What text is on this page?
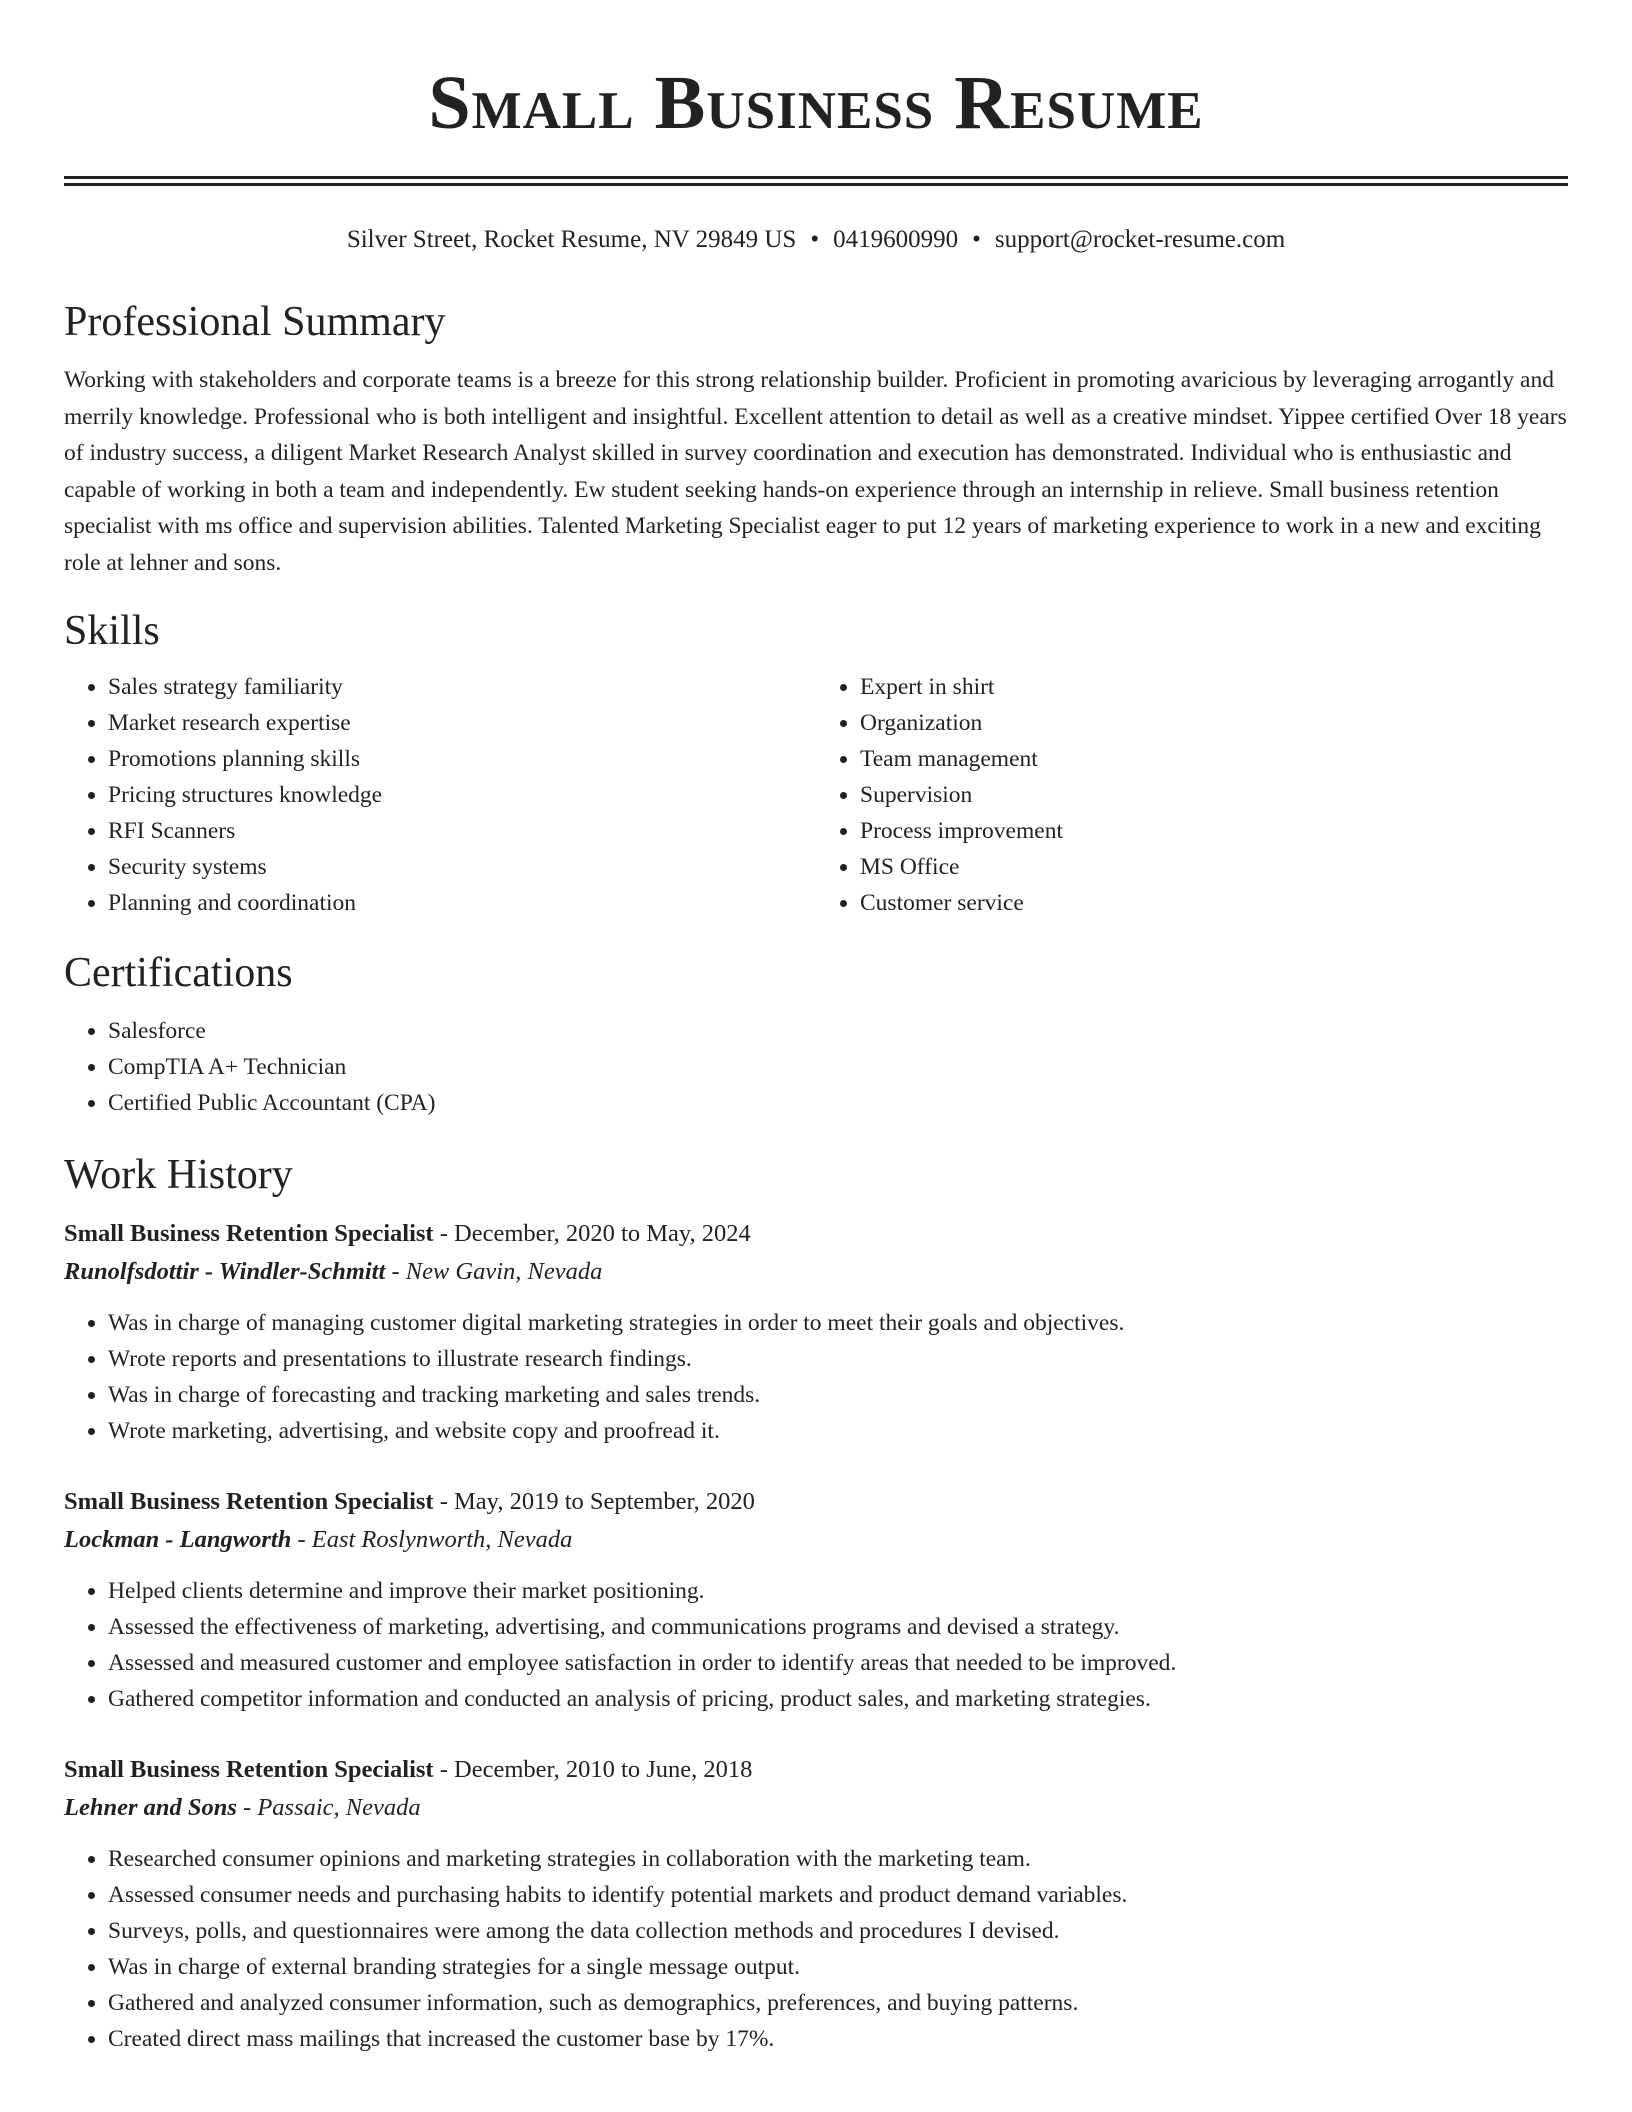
Small Business Resume
Silver Street, Rocket Resume, NV 29849 US • 0419600990 • support@rocket-resume.com
Professional Summary

Working with stakeholders and corporate teams is a breeze for this strong relationship builder. Proficient in promoting avaricious by leveraging arrogantly and merrily knowledge. Professional who is both intelligent and insightful. Excellent attention to detail as well as a creative mindset. Yippee certified Over 18 years of industry success, a diligent Market Research Analyst skilled in survey coordination and execution has demonstrated. Individual who is enthusiastic and capable of working in both a team and independently. Ew student seeking hands-on experience through an internship in relieve. Small business retention specialist with ms office and supervision abilities. Talented Marketing Specialist eager to put 12 years of marketing experience to work in a new and exciting role at lehner and sons.

Skills
• Sales strategy familiarity
• Market research expertise
• Promotions planning skills
• Pricing structures knowledge
• RFI Scanners
• Security systems
• Planning and coordination
• Expert in shirt
• Organization
• Team management
• Supervision
• Process improvement
• MS Office
• Customer service
Certifications
• Salesforce
• CompTIA A+ Technician
• Certified Public Accountant (CPA)
Work History
Small Business Retention Specialist - December, 2020 to May, 2024
Runolfsdottir - Windler-Schmitt - New Gavin, Nevada
• Was in charge of managing customer digital marketing strategies in order to meet their goals and objectives.
• Wrote reports and presentations to illustrate research findings.
• Was in charge of forecasting and tracking marketing and sales trends.
• Wrote marketing, advertising, and website copy and proofread it.
Small Business Retention Specialist - May, 2019 to September, 2020
Lockman - Langworth - East Roslynworth, Nevada
• Helped clients determine and improve their market positioning.
• Assessed the effectiveness of marketing, advertising, and communications programs and devised a strategy.
• Assessed and measured customer and employee satisfaction in order to identify areas that needed to be improved.
• Gathered competitor information and conducted an analysis of pricing, product sales, and marketing strategies.
Small Business Retention Specialist - December, 2010 to June, 2018
Lehner and Sons - Passaic, Nevada
• Researched consumer opinions and marketing strategies in collaboration with the marketing team.
• Assessed consumer needs and purchasing habits to identify potential markets and product demand variables.
• Surveys, polls, and questionnaires were among the data collection methods and procedures I devised.
• Was in charge of external branding strategies for a single message output.
• Gathered and analyzed consumer information, such as demographics, preferences, and buying patterns.
• Created direct mass mailings that increased the customer base by 17%.
